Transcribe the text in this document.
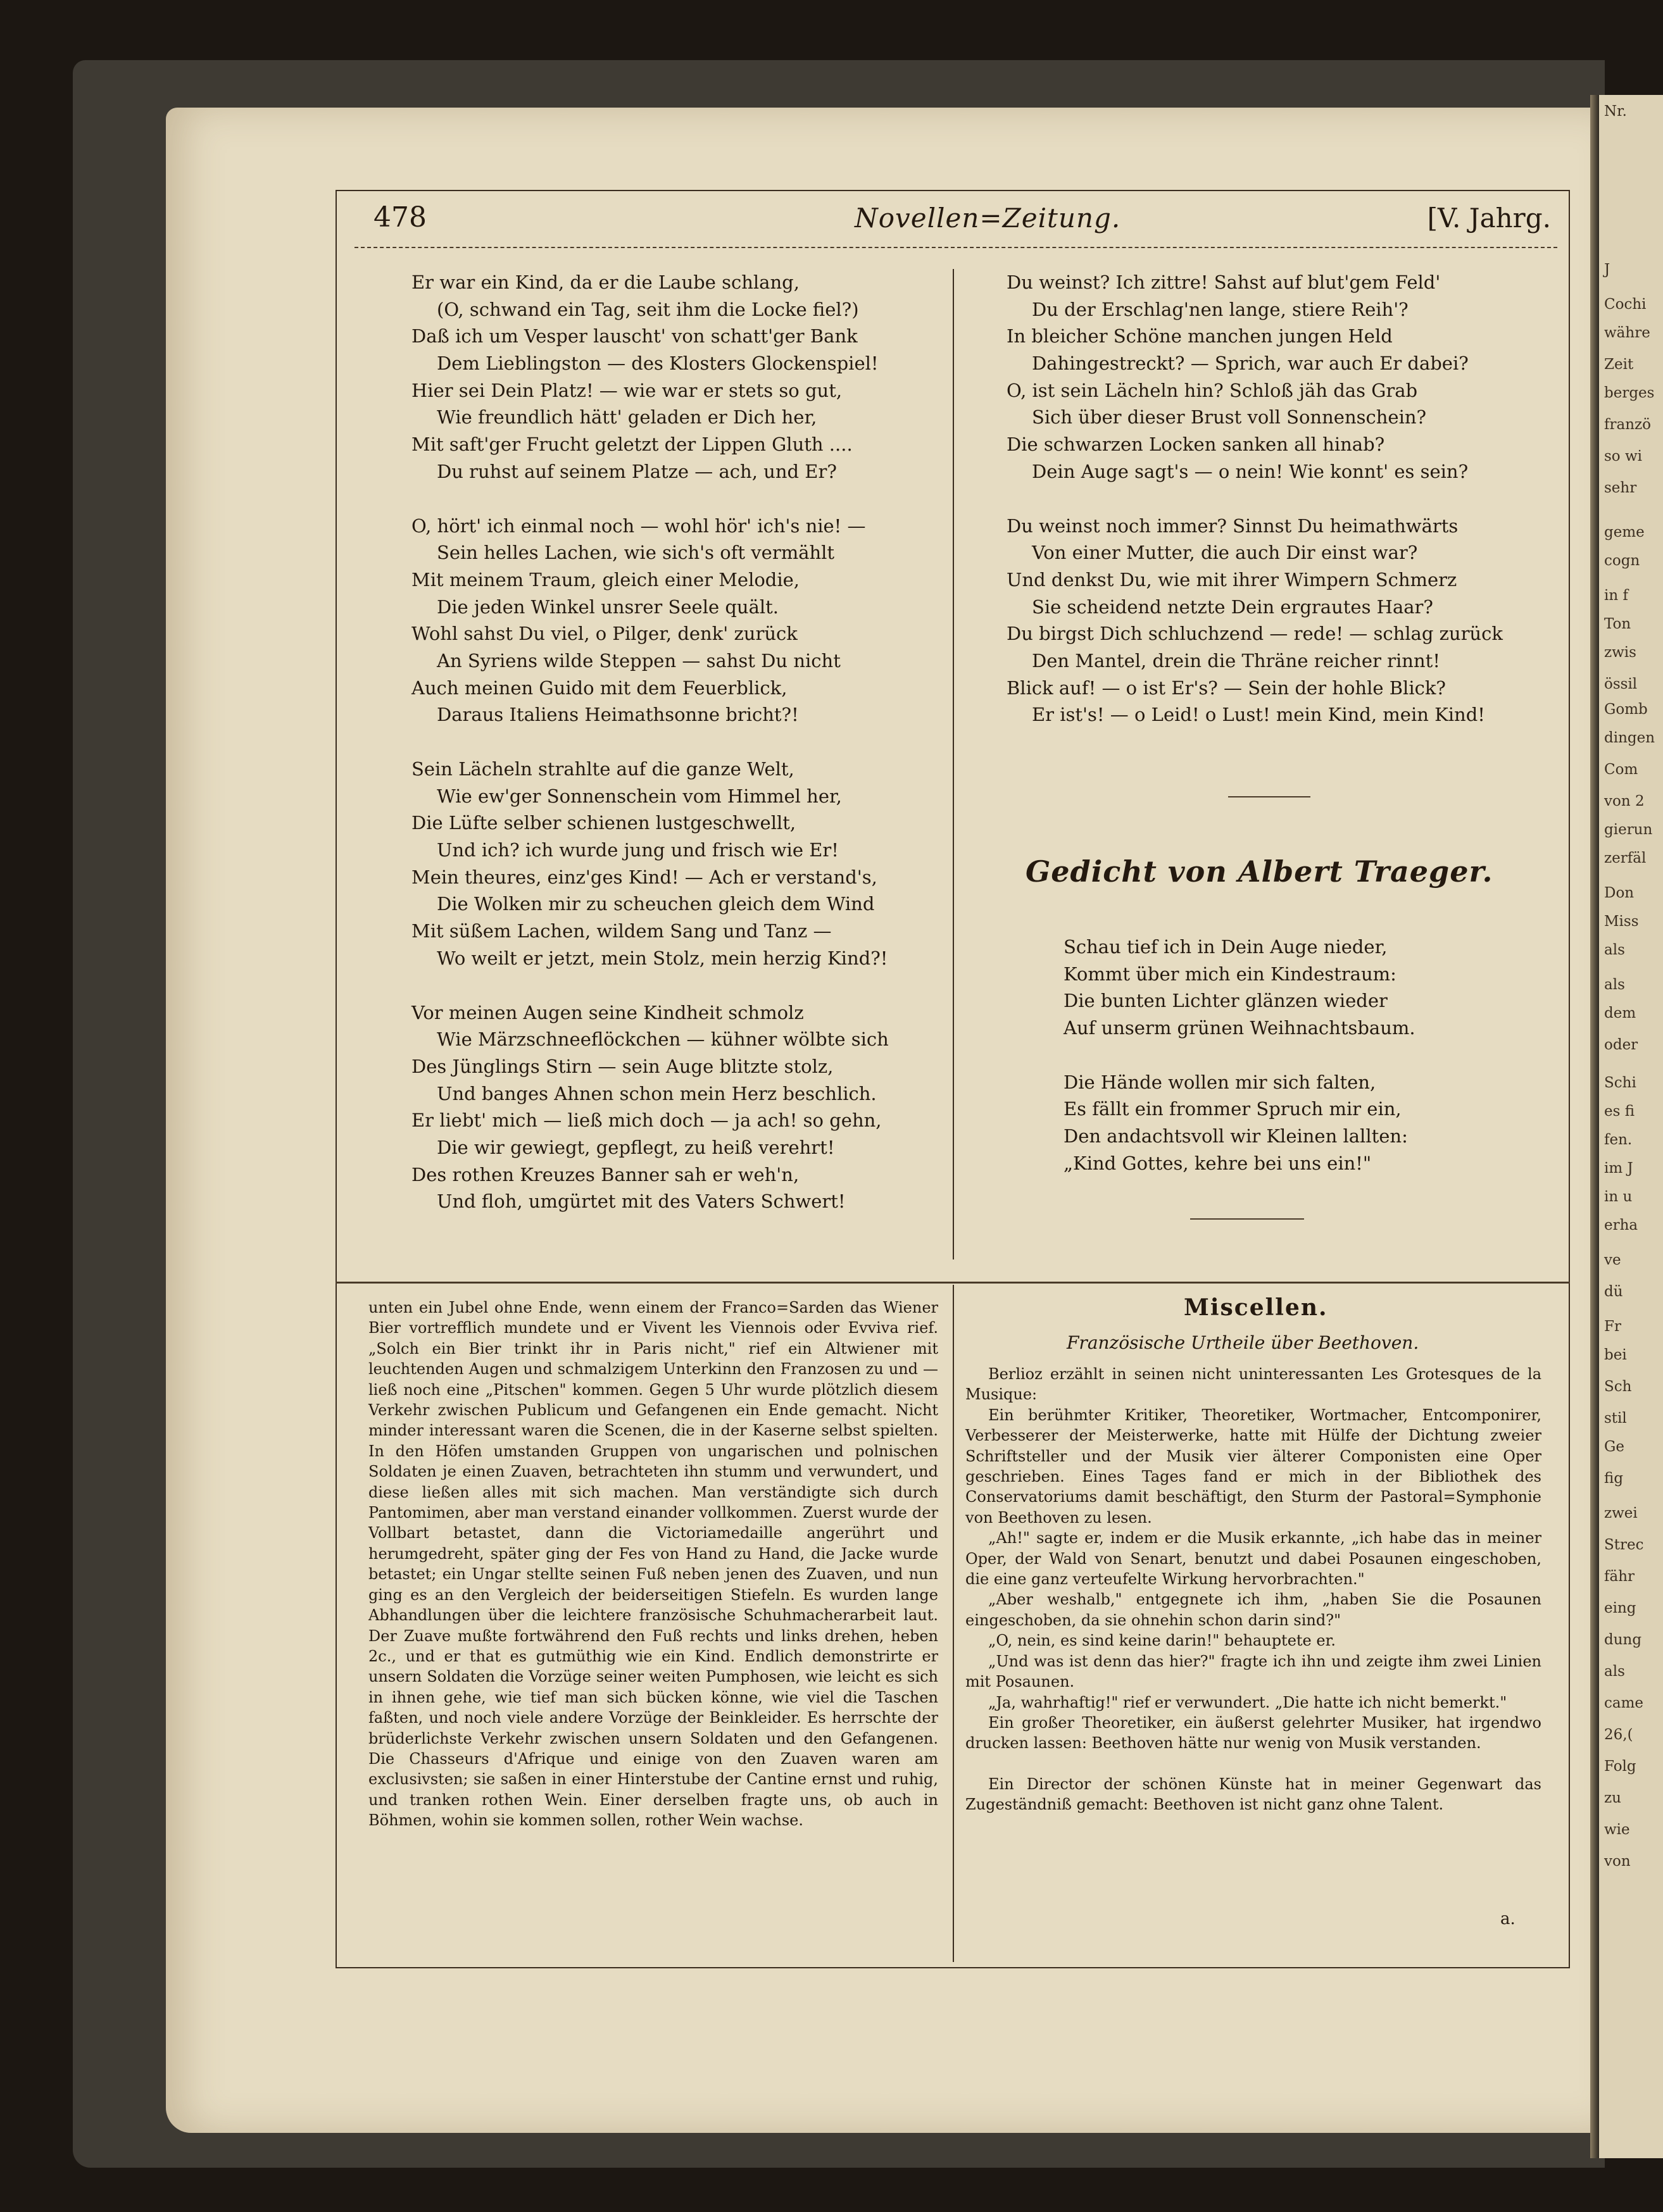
Nr.
J
Cochi
währe
Zeit
berges
franzö
so wi
sehr
geme
cogn
in f
Ton
zwis
össil
Gomb
dingen
Com
von 2
gierun
zerfäl
Don
Miss
als
als
dem
oder
Schi
es fi
fen.
im J
in u
erha
ve
dü
Fr
bei
Sch
stil
Ge
fig
zwei
Strec
fähr
eing
dung
als
came
26,(
Folg
zu
wie
von
478	Novellen=Zeitung.	[V. Jahrg.
Er war ein Kind, da er die Laube schlang,
(O, schwand ein Tag, seit ihm die Locke fiel?)
Daß ich um Vesper lauscht' von schatt'ger Bank
Dem Lieblingston — des Klosters Glockenspiel!
Hier sei Dein Platz! — wie war er stets so gut,
Wie freundlich hätt' geladen er Dich her,
Mit saft'ger Frucht geletzt der Lippen Gluth ....
Du ruhst auf seinem Platze — ach, und Er?
O, hört' ich einmal noch — wohl hör' ich's nie! —
Sein helles Lachen, wie sich's oft vermählt
Mit meinem Traum, gleich einer Melodie,
Die jeden Winkel unsrer Seele quält.
Wohl sahst Du viel, o Pilger, denk' zurück
An Syriens wilde Steppen — sahst Du nicht
Auch meinen Guido mit dem Feuerblick,
Daraus Italiens Heimathsonne bricht?!
Sein Lächeln strahlte auf die ganze Welt,
Wie ew'ger Sonnenschein vom Himmel her,
Die Lüfte selber schienen lustgeschwellt,
Und ich? ich wurde jung und frisch wie Er!
Mein theures, einz'ges Kind! — Ach er verstand's,
Die Wolken mir zu scheuchen gleich dem Wind
Mit süßem Lachen, wildem Sang und Tanz —
Wo weilt er jetzt, mein Stolz, mein herzig Kind?!
Vor meinen Augen seine Kindheit schmolz
Wie Märzschneeflöckchen — kühner wölbte sich
Des Jünglings Stirn — sein Auge blitzte stolz,
Und banges Ahnen schon mein Herz beschlich.
Er liebt' mich — ließ mich doch — ja ach! so gehn,
Die wir gewiegt, gepflegt, zu heiß verehrt!
Des rothen Kreuzes Banner sah er weh'n,
Und floh, umgürtet mit des Vaters Schwert!
Du weinst? Ich zittre! Sahst auf blut'gem Feld'
Du der Erschlag'nen lange, stiere Reih'?
In bleicher Schöne manchen jungen Held
Dahingestreckt? — Sprich, war auch Er dabei?
O, ist sein Lächeln hin? Schloß jäh das Grab
Sich über dieser Brust voll Sonnenschein?
Die schwarzen Locken sanken all hinab?
Dein Auge sagt's — o nein! Wie konnt' es sein?
Du weinst noch immer? Sinnst Du heimathwärts
Von einer Mutter, die auch Dir einst war?
Und denkst Du, wie mit ihrer Wimpern Schmerz
Sie scheidend netzte Dein ergrautes Haar?
Du birgst Dich schluchzend — rede! — schlag zurück
Den Mantel, drein die Thräne reicher rinnt!
Blick auf! — o ist Er's? — Sein der hohle Blick?
Er ist's! — o Leid! o Lust! mein Kind, mein Kind!
Gedicht von Albert Traeger.
Schau tief ich in Dein Auge nieder,
Kommt über mich ein Kindestraum:
Die bunten Lichter glänzen wieder
Auf unserm grünen Weihnachtsbaum.
Die Hände wollen mir sich falten,
Es fällt ein frommer Spruch mir ein,
Den andachtsvoll wir Kleinen lallten:
„Kind Gottes, kehre bei uns ein!"

unten ein Jubel ohne Ende, wenn einem der Franco=Sarden das Wiener Bier vortrefflich mundete und er Vivent les Viennois oder Evviva rief. „Solch ein Bier trinkt ihr in Paris nicht," rief ein Altwiener mit leuchtenden Augen und schmalzigem Unterkinn den Franzosen zu und — ließ noch eine „Pitschen" kommen. Gegen 5 Uhr wurde plötzlich diesem Verkehr zwischen Publicum und Gefangenen ein Ende gemacht. Nicht minder interessant waren die Scenen, die in der Kaserne selbst spielten. In den Höfen umstanden Gruppen von ungarischen und polnischen Soldaten je einen Zuaven, betrachteten ihn stumm und verwundert, und diese ließen alles mit sich machen. Man verständigte sich durch Pantomimen, aber man verstand einander vollkommen. Zuerst wurde der Vollbart betastet, dann die Victoriamedaille angerührt und herumgedreht, später ging der Fes von Hand zu Hand, die Jacke wurde betastet; ein Ungar stellte seinen Fuß neben jenen des Zuaven, und nun ging es an den Vergleich der beiderseitigen Stiefeln. Es wurden lange Abhandlungen über die leichtere französische Schuhmacherarbeit laut. Der Zuave mußte fortwährend den Fuß rechts und links drehen, heben 2c., und er that es gutmüthig wie ein Kind. Endlich demonstrirte er unsern Soldaten die Vorzüge seiner weiten Pumphosen, wie leicht es sich in ihnen gehe, wie tief man sich bücken könne, wie viel die Taschen faßten, und noch viele andere Vorzüge der Beinkleider. Es herrschte der brüderlichste Verkehr zwischen unsern Soldaten und den Gefangenen. Die Chasseurs d'Afrique und einige von den Zuaven waren am exclusivsten; sie saßen in einer Hinterstube der Cantine ernst und ruhig, und tranken rothen Wein. Einer derselben fragte uns, ob auch in Böhmen, wohin sie kommen sollen, rother Wein wachse.

Miscellen.
Französische Urtheile über Beethoven.

Berlioz erzählt in seinen nicht uninteressanten Les Grotesques de la Musique:

Ein berühmter Kritiker, Theoretiker, Wortmacher, Entcomponirer, Verbesserer der Meisterwerke, hatte mit Hülfe der Dichtung zweier Schriftsteller und der Musik vier älterer Componisten eine Oper geschrieben. Eines Tages fand er mich in der Bibliothek des Conservatoriums damit beschäftigt, den Sturm der Pastoral=Symphonie von Beethoven zu lesen.

„Ah!" sagte er, indem er die Musik erkannte, „ich habe das in meiner Oper, der Wald von Senart, benutzt und dabei Posaunen eingeschoben, die eine ganz verteufelte Wirkung hervorbrachten."

„Aber weshalb," entgegnete ich ihm, „haben Sie die Posaunen eingeschoben, da sie ohnehin schon darin sind?"

„O, nein, es sind keine darin!" behauptete er.

„Und was ist denn das hier?" fragte ich ihn und zeigte ihm zwei Linien mit Posaunen.

„Ja, wahrhaftig!" rief er verwundert. „Die hatte ich nicht bemerkt."

Ein großer Theoretiker, ein äußerst gelehrter Musiker, hat irgendwo drucken lassen: Beethoven hätte nur wenig von Musik verstanden.

Ein Director der schönen Künste hat in meiner Gegenwart das Zugeständniß gemacht: Beethoven ist nicht ganz ohne Talent.

a.
